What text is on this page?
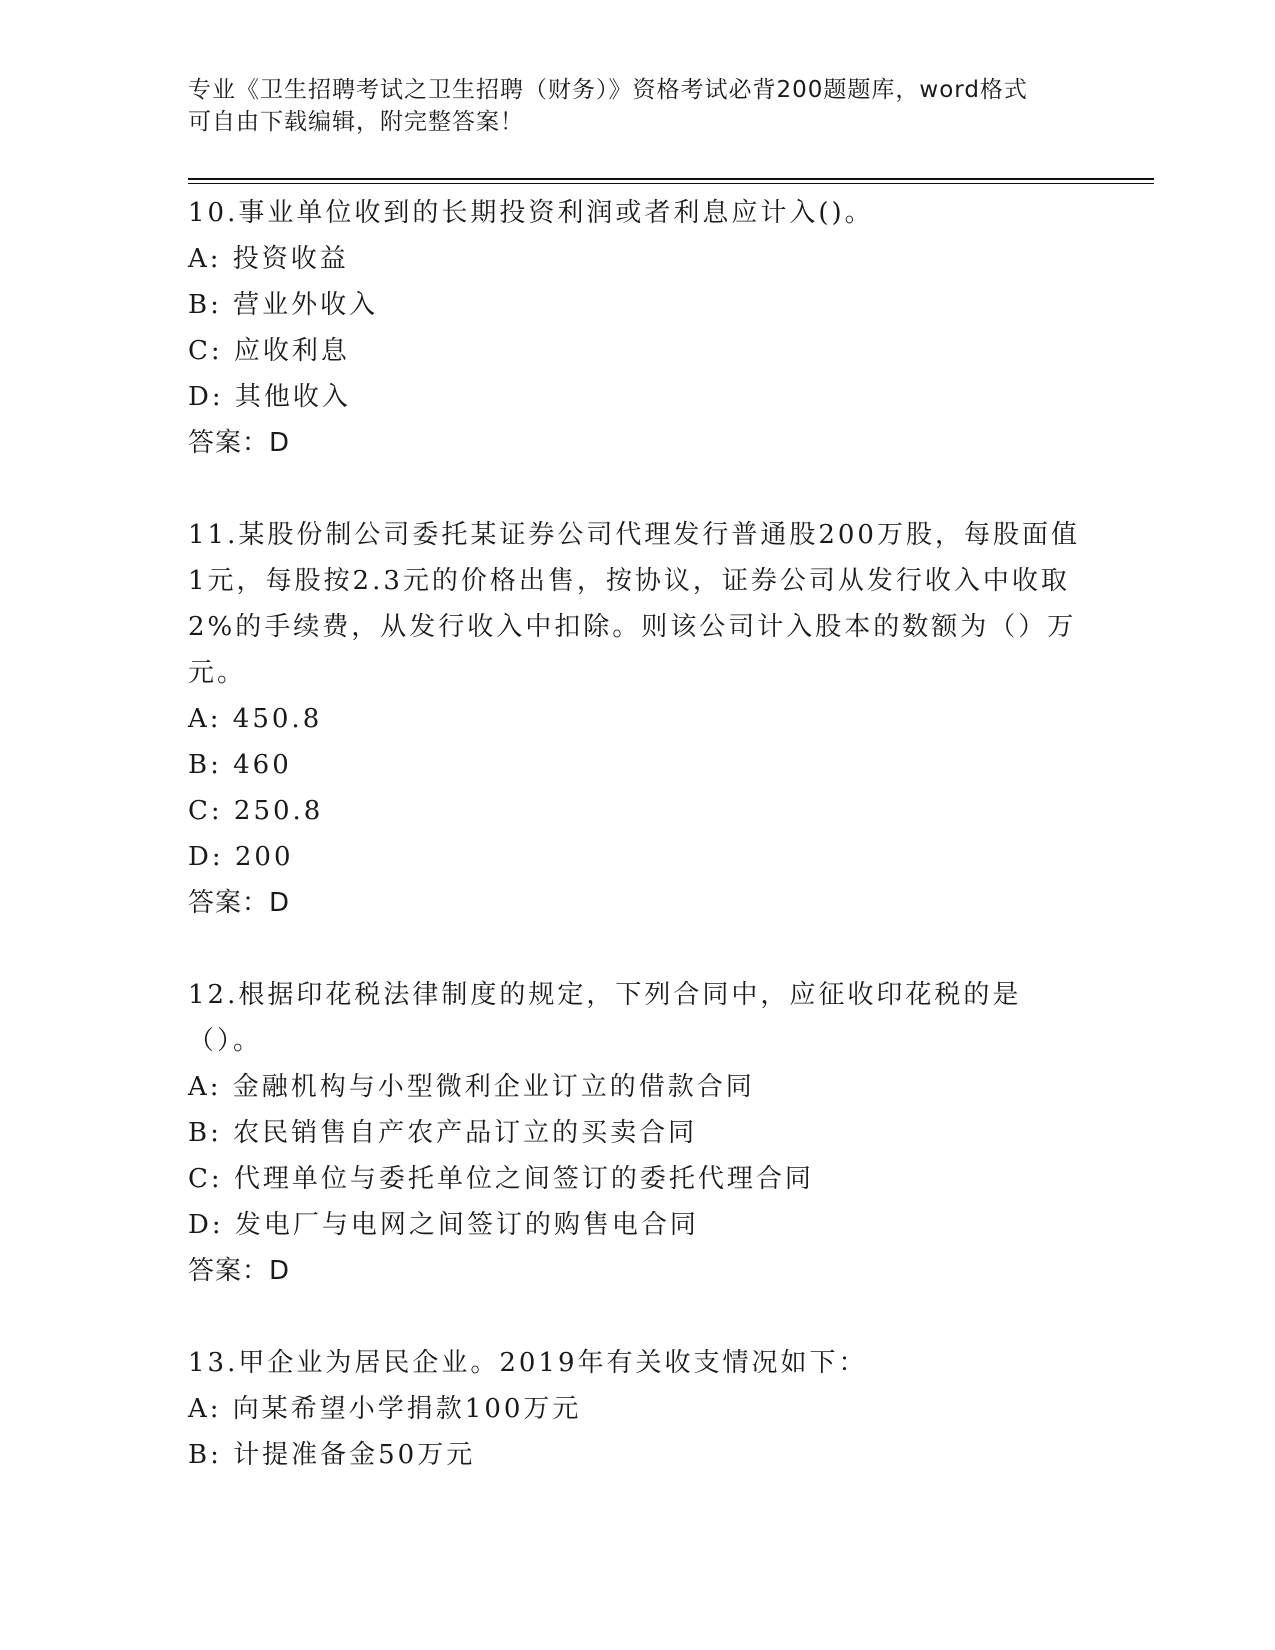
专业《卫生招聘考试之卫生招聘（财务）》资格考试必背200题题库，word格式
可自由下载编辑，附完整答案！

10.事业单位收到的长期投资利润或者利息应计入()。

A: 投资收益

B: 营业外收入

C: 应收利息

D: 其他收入

答案：D

11.某股份制公司委托某证券公司代理发行普通股200万股，每股面值1元，每股按2.3元的价格出售，按协议，证券公司从发行收入中收取2%的手续费，从发行收入中扣除。则该公司计入股本的数额为（）万元。

A: 450.8

B: 460

C: 250.8

D: 200

答案：D

12.根据印花税法律制度的规定，下列合同中，应征收印花税的是（）。

A: 金融机构与小型微利企业订立的借款合同

B: 农民销售自产农产品订立的买卖合同

C: 代理单位与委托单位之间签订的委托代理合同

D: 发电厂与电网之间签订的购售电合同

答案：D

13.甲企业为居民企业。2019年有关收支情况如下：

A: 向某希望小学捐款100万元

B: 计提准备金50万元
